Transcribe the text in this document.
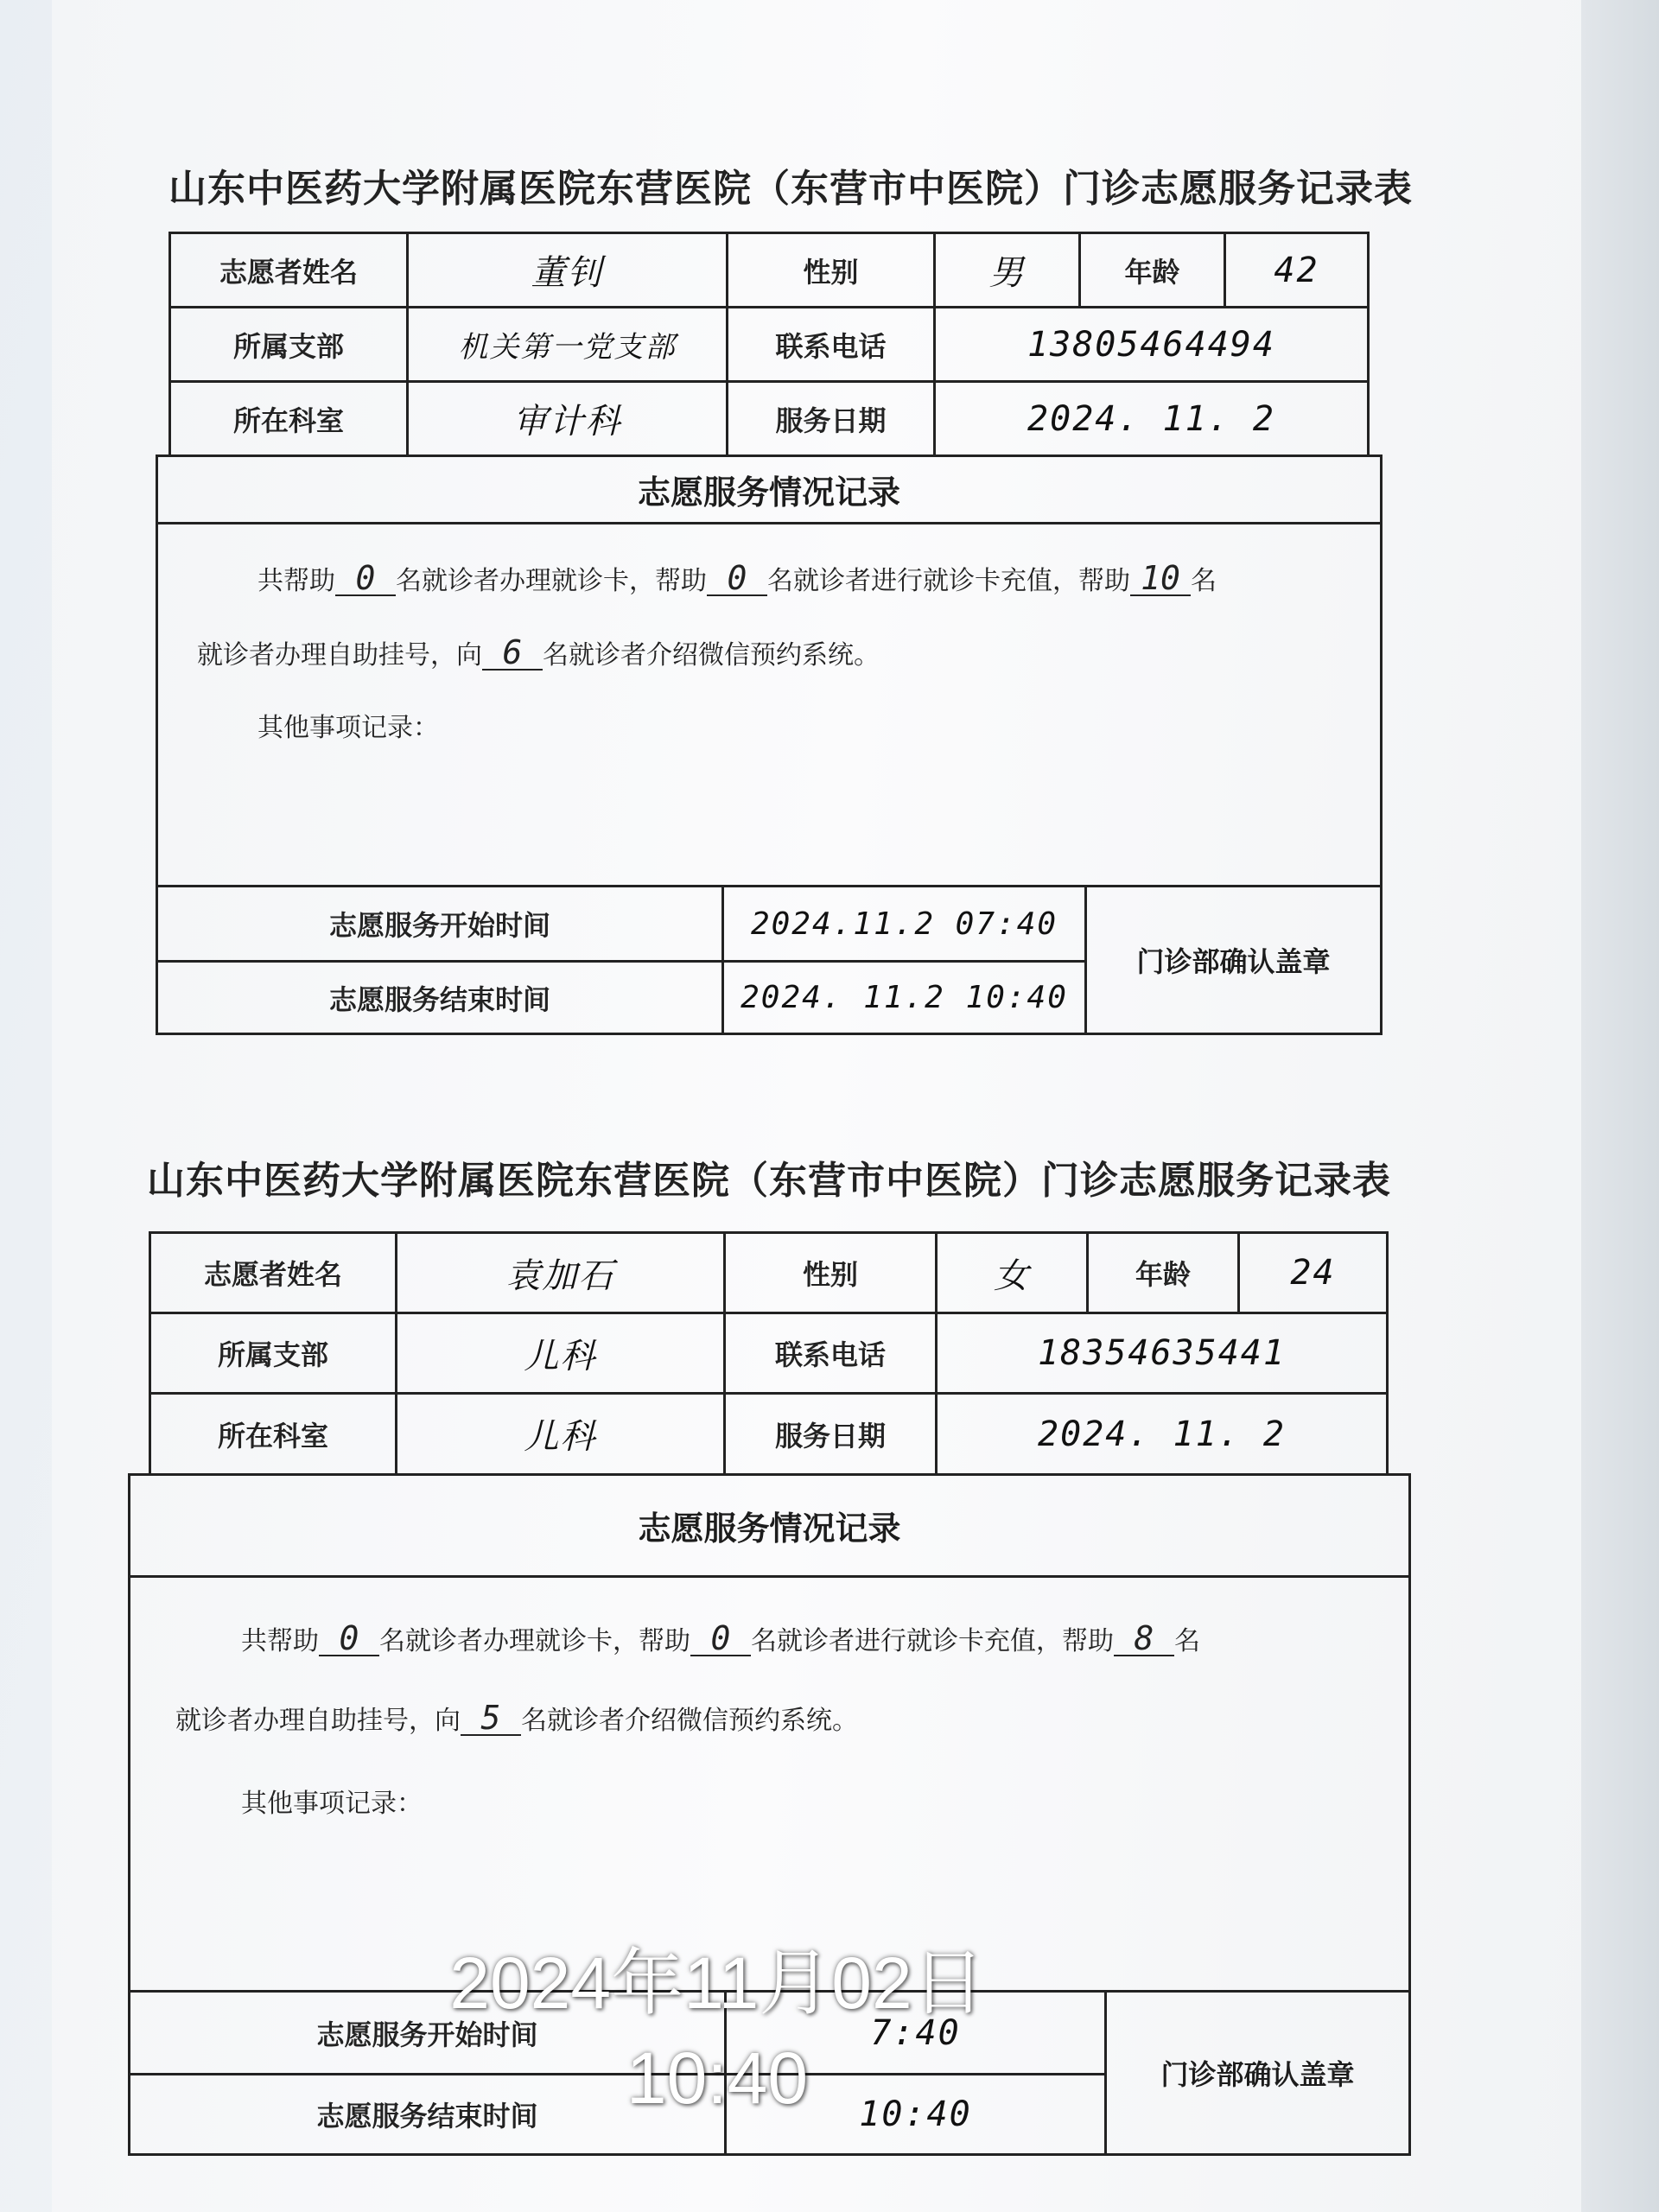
山东中医药大学附属医院东营医院（东营市中医院）门诊志愿服务记录表
志愿者姓名	董钊	性别	男	年龄	42
所属支部	机关第一党支部	联系电话	13805464494
所在科室	审计科	服务日期	2024. 11. 2
志愿服务情况记录
共帮助 0 名就诊者办理就诊卡，帮助 0 名就诊者进行就诊卡充值，帮助 10 名
就诊者办理自助挂号，向 6 名就诊者介绍微信预约系统。
其他事项记录：
志愿服务开始时间	2024.11.2 07:40
志愿服务结束时间	2024. 11.2 10:40
门诊部确认盖章
山东中医药大学附属医院东营医院（东营市中医院）门诊志愿服务记录表
志愿者姓名	袁加石	性别	女	年龄	24
所属支部	儿科	联系电话	18354635441
所在科室	儿科	服务日期	2024. 11. 2
志愿服务情况记录
共帮助 0 名就诊者办理就诊卡，帮助 0 名就诊者进行就诊卡充值，帮助 8 名
就诊者办理自助挂号，向 5 名就诊者介绍微信预约系统。
其他事项记录：
志愿服务开始时间	7:40
志愿服务结束时间	10:40
门诊部确认盖章
2024年11月02日
10:40
